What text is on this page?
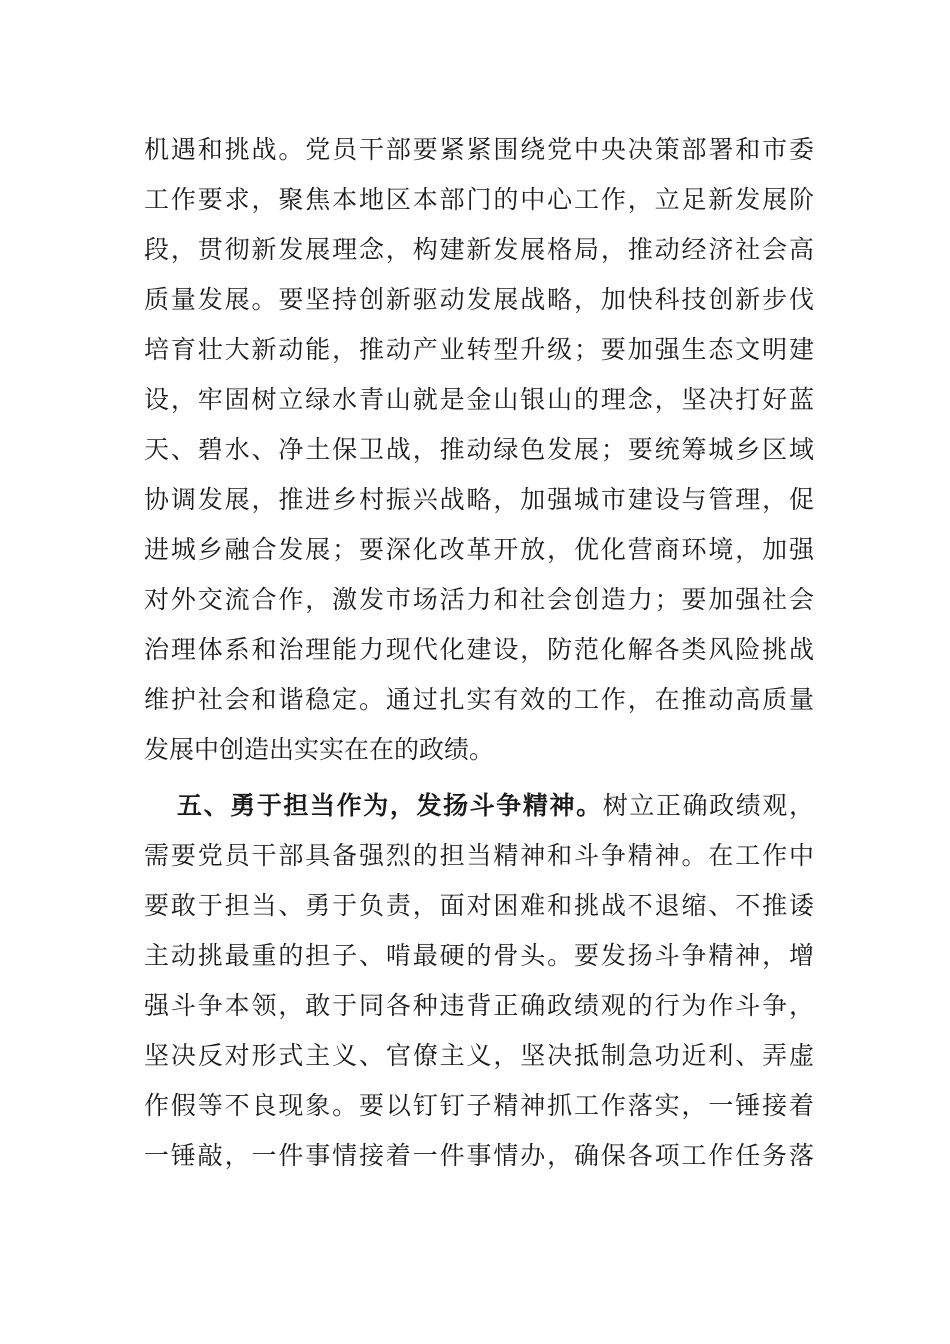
机遇和挑战。党员干部要紧紧围绕党中央决策部署和市委
工作要求，聚焦本地区本部门的中心工作，立足新发展阶
段，贯彻新发展理念，构建新发展格局，推动经济社会高
质量发展。要坚持创新驱动发展战略，加快科技创新步伐
培育壮大新动能，推动产业转型升级；要加强生态文明建
设，牢固树立绿水青山就是金山银山的理念，坚决打好蓝
天、碧水、净土保卫战，推动绿色发展；要统筹城乡区域
协调发展，推进乡村振兴战略，加强城市建设与管理，促
进城乡融合发展；要深化改革开放，优化营商环境，加强
对外交流合作，激发市场活力和社会创造力；要加强社会
治理体系和治理能力现代化建设，防范化解各类风险挑战
维护社会和谐稳定。通过扎实有效的工作，在推动高质量
发展中创造出实实在在的政绩。
五、勇于担当作为，发扬斗争精神。树立正确政绩观，
需要党员干部具备强烈的担当精神和斗争精神。在工作中
要敢于担当、勇于负责，面对困难和挑战不退缩、不推诿
主动挑最重的担子、啃最硬的骨头。要发扬斗争精神，增
强斗争本领，敢于同各种违背正确政绩观的行为作斗争，
坚决反对形式主义、官僚主义，坚决抵制急功近利、弄虚
作假等不良现象。要以钉钉子精神抓工作落实，一锤接着
一锤敲，一件事情接着一件事情办，确保各项工作任务落
